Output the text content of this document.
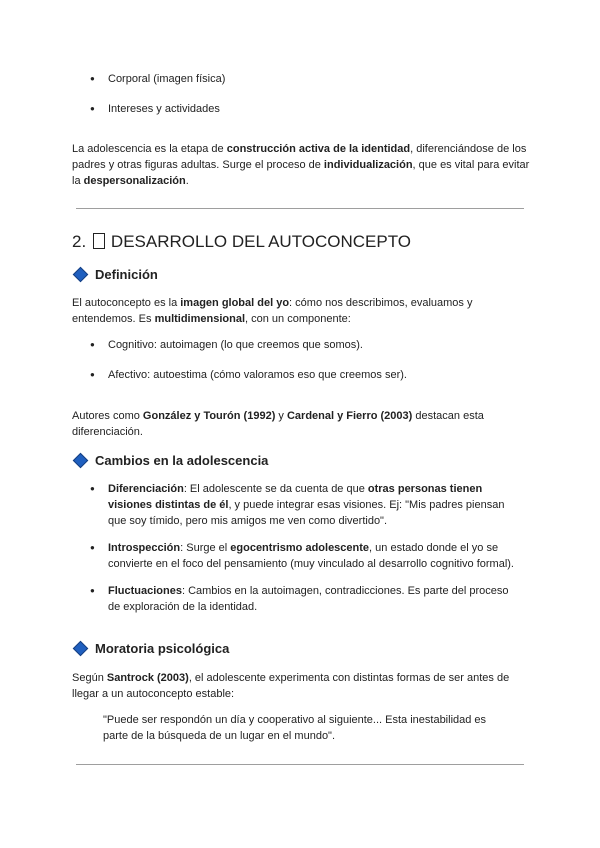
● Corporal (imagen física)
● Intereses y actividades

La adolescencia es la etapa de construcción activa de la identidad, diferenciándose de los padres y otras figuras adultas. Surge el proceso de individualización, que es vital para evitar la despersonalización.

2. DESARROLLO DEL AUTOCONCEPTO
Definición

El autoconcepto es la imagen global del yo: cómo nos describimos, evaluamos y entendemos. Es multidimensional, con un componente:

● Cognitivo: autoimagen (lo que creemos que somos).
● Afectivo: autoestima (cómo valoramos eso que creemos ser).

Autores como González y Tourón (1992) y Cardenal y Fierro (2003) destacan esta diferenciación.

Cambios en la adolescencia
● Diferenciación: El adolescente se da cuenta de que otras personas tienen visiones distintas de él, y puede integrar esas visiones. Ej: "Mis padres piensan que soy tímido, pero mis amigos me ven como divertido".
● Introspección: Surge el egocentrismo adolescente, un estado donde el yo se convierte en el foco del pensamiento (muy vinculado al desarrollo cognitivo formal).
● Fluctuaciones: Cambios en la autoimagen, contradicciones. Es parte del proceso de exploración de la identidad.
Moratoria psicológica

Según Santrock (2003), el adolescente experimenta con distintas formas de ser antes de llegar a un autoconcepto estable:

"Puede ser respondón un día y cooperativo al siguiente... Esta inestabilidad es parte de la búsqueda de un lugar en el mundo".
